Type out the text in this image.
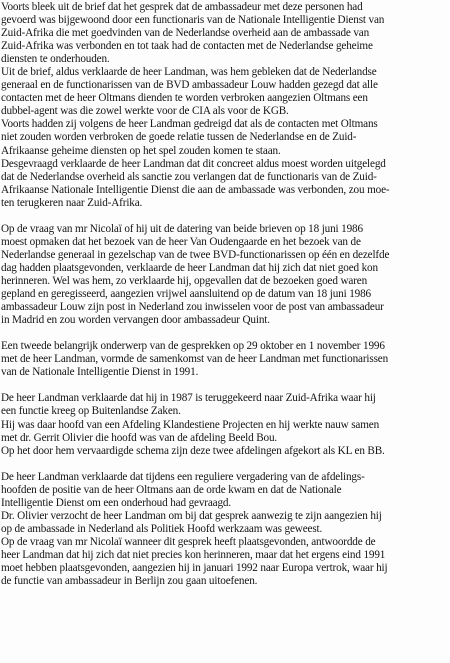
Voorts bleek uit de brief dat het gesprek dat de ambassadeur met deze personen had
gevoerd was bijgewoond door een functionaris van de Nationale Intelligentie Dienst van
Zuid-Afrika die met goedvinden van de Nederlandse overheid aan de ambassade van
Zuid-Afrika was verbonden en tot taak had de contacten met de Nederlandse geheime
diensten te onderhouden.
Uit de brief, aldus verklaarde de heer Landman, was hem gebleken dat de Nederlandse
generaal en de functionarissen van de BVD ambassadeur Louw hadden gezegd dat alle
contacten met de heer Oltmans dienden te worden verbroken aangezien Oltmans een
dubbel-agent was die zowel werkte voor de CIA als voor de KGB.
Voorts hadden zij volgens de heer Landman gedreigd dat als de contacten met Oltmans
niet zouden worden verbroken de goede relatie tussen de Nederlandse en de Zuid-
Afrikaanse geheime diensten op het spel zouden komen te staan.
Desgevraagd verklaarde de heer Landman dat dit concreet aldus moest worden uitgelegd
dat de Nederlandse overheid als sanctie zou verlangen dat de functionaris van de Zuid-
Afrikaanse Nationale Intelligentie Dienst die aan de ambassade was verbonden, zou moe-
ten terugkeren naar Zuid-Afrika.
Op de vraag van mr Nicolaï of hij uit de datering van beide brieven op 18 juni 1986
moest opmaken dat het bezoek van de heer Van Oudengaarde en het bezoek van de
Nederlandse generaal in gezelschap van de twee BVD-functionarissen op één en dezelfde
dag hadden plaatsgevonden, verklaarde de heer Landman dat hij zich dat niet goed kon
herinneren. Wel was hem, zo verklaarde hij, opgevallen dat de bezoeken goed waren
gepland en geregisseerd, aangezien vrijwel aansluitend op de datum van 18 juni 1986
ambassadeur Louw zijn post in Nederland zou inwisselen voor de post van ambassadeur
in Madrid en zou worden vervangen door ambassadeur Quint.
Een tweede belangrijk onderwerp van de gesprekken op 29 oktober en 1 november 1996
met de heer Landman, vormde de samenkomst van de heer Landman met functionarissen
van de Nationale Intelligentie Dienst in 1991.
De heer Landman verklaarde dat hij in 1987 is teruggekeerd naar Zuid-Afrika waar hij
een functie kreeg op Buitenlandse Zaken.
Hij was daar hoofd van een Afdeling Klandestiene Projecten en hij werkte nauw samen
met dr. Gerrit Olivier die hoofd was van de afdeling Beeld Bou.
Op het door hem vervaardigde schema zijn deze twee afdelingen afgekort als KL en BB.
De heer Landman verklaarde dat tijdens een reguliere vergadering van de afdelings-
hoofden de positie van de heer Oltmans aan de orde kwam en dat de Nationale
Intelligentie Dienst om een onderhoud had gevraagd.
Dr. Olivier verzocht de heer Landman om bij dat gesprek aanwezig te zijn aangezien hij
op de ambassade in Nederland als Politiek Hoofd werkzaam was geweest.
Op de vraag van mr Nicolaï wanneer dit gesprek heeft plaatsgevonden, antwoordde de
heer Landman dat hij zich dat niet precies kon herinneren, maar dat het ergens eind 1991
moet hebben plaatsgevonden, aangezien hij in januari 1992 naar Europa vertrok, waar hij
de functie van ambassadeur in Berlijn zou gaan uitoefenen.
